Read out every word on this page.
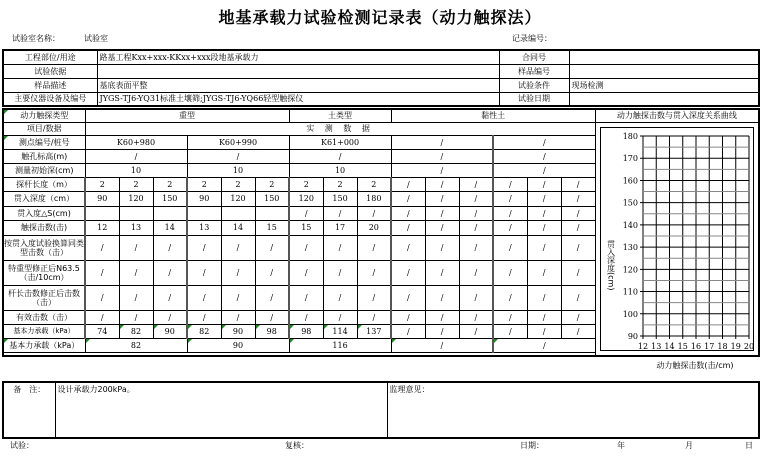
地基承载力试验检测记录表（动力触探法）
试验室名称：	试验室	记录编号：
工程部位/用途	路基工程Kxx+xxx-KKxx+xxx段地基承载力	合同号	
试验依据		样品编号	
样品描述	基底表面平整	试验条件	现场检测
主要仪器设备及编号	JYGS-TJ6-YQ31标准土壤筛;JYGS-TJ6-YQ66轻型触探仪	试验日期	
动力触探类型	重型						土类型			黏性土						动力触探击数与贯入深度关系曲线
项目/数据	实 测 数 据	
180
170
160
150
140
130
120
110
100
90
12 13 14 15 16 17 18 19 20
贯入深度(cm)
动力触探击数(击/cm)

测点编号/桩号	K60+980			K60+990			K61+000			/			/			
触孔标高(m)	/			/			/			/			/			
测量初始深(cm)	10			10			10			/			/			
探杆长度（m）	2	2	2	2	2	2	2	2	2	/	/	/	/	/	/	
贯入深度（cm）	90	120	150	90	120	150	120	150	180	/	/	/	/	/	/	
贯入度△S(cm)							/	/	/	/	/	/	/	/	/	
触探击数(击)	12	13	14	13	14	15	15	17	20	/	/	/	/	/	/	
按贯入度试验换算同类型击数（击）	/	/	/	/	/	/	/	/	/	/	/	/	/	/	/	
特重型修正后N63.5（击/10cm）	/	/	/	/	/	/	/	/	/	/	/	/	/	/	/	
杆长击数修正后击数（击）	/	/	/	/	/	/	/	/	/	/	/	/	/	/	/	
有效击数（击）	/	/	/	/	/	/	/	/	/	/	/	/	/	/	/	
基本力承载（kPa）	74	82	90	82	90	98	98	114	137	/	/	/	/	/	/	
基本力承载（kPa）	82			90			116			/			/			

备　注：	设计承载力200kPa。	监理意见：
试验：	复核：	日期：	年	月	日
